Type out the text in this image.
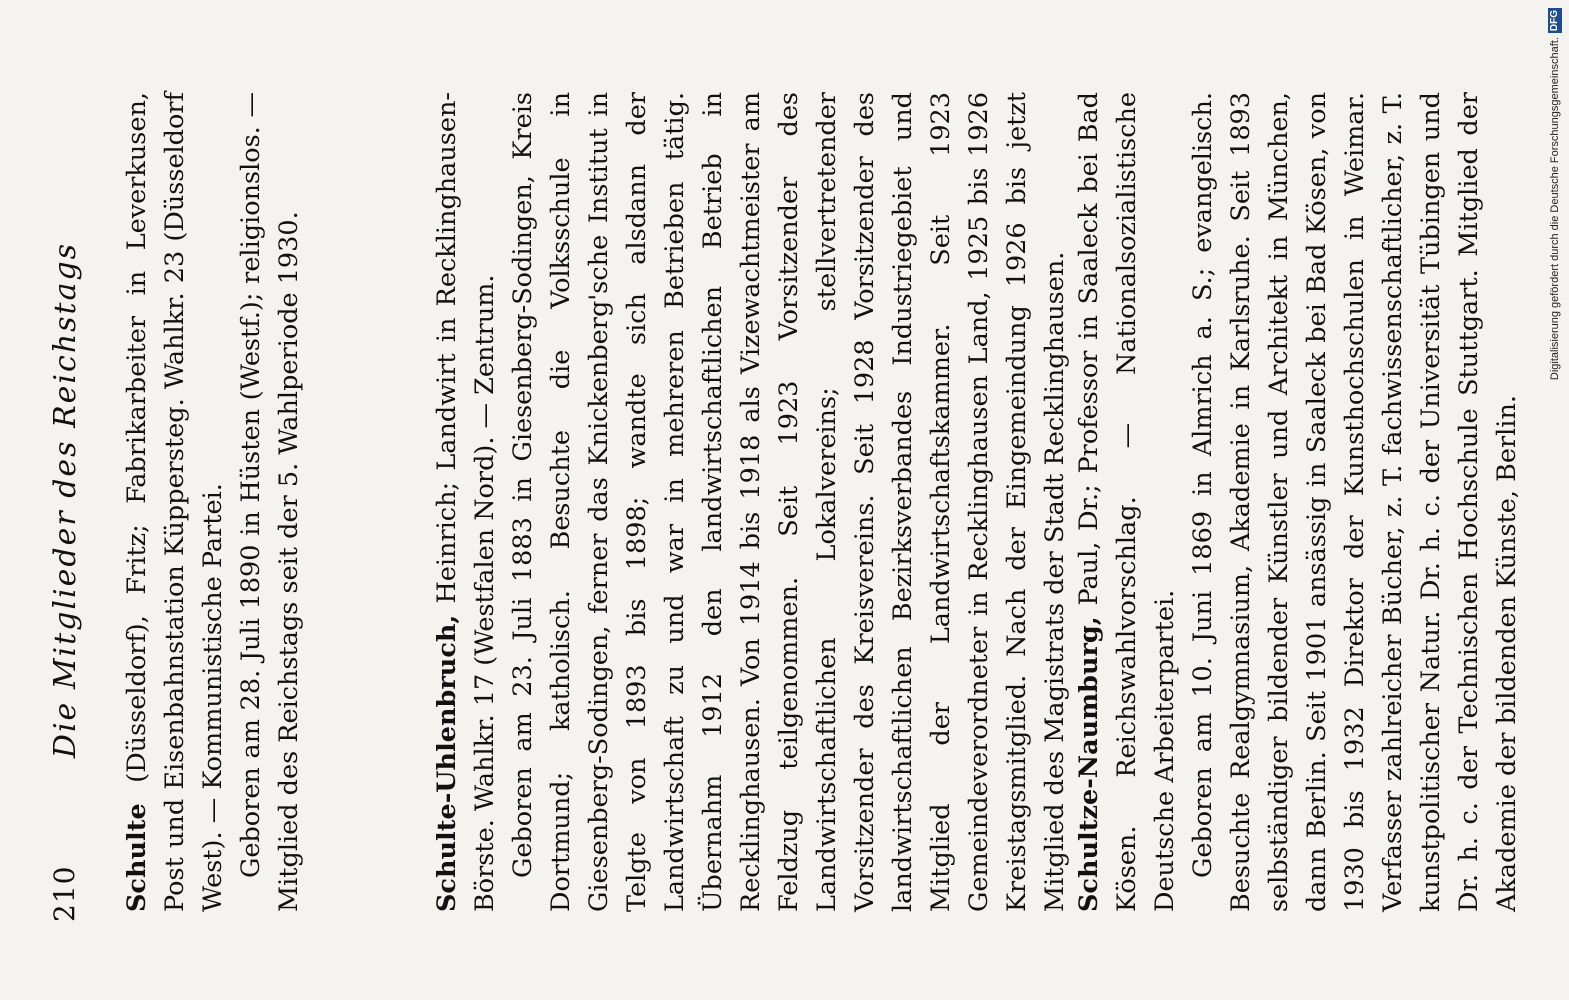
210
Die Mitglieder des Reichstags

Schulte (Düsseldorf), Fritz; Fabrikarbeiter in Leverkusen, Post und Eisenbahnstation Küppersteg. Wahlkr. 23 (Düsseldorf West). — Kommunistische Partei. Geboren am 28. Juli 1890 in Hüsten (Westf.); religionslos. — Mitglied des Reichstags seit der 5. Wahlperiode 1930.	Schulte-Uhlenbruch, Heinrich; Landwirt in Recklinghausen-Börste. Wahlkr. 17 (Westfalen Nord). — Zentrum. Geboren am 23. Juli 1883 in Giesenberg-Sodingen, Kreis Dortmund; katholisch. Besuchte die Volksschule in Giesenberg-Sodingen, ferner das Knickenberg'sche Institut in Telgte von 1893 bis 1898; wandte sich alsdann der Landwirtschaft zu und war in mehreren Betrieben tätig. Übernahm 1912 den landwirtschaftlichen Betrieb in Recklinghausen. Von 1914 bis 1918 als Vizewachtmeister am Feldzug teilgenommen. Seit 1923 Vorsitzender des Landwirtschaftlichen Lokalvereins; stellvertretender Vorsitzender des Kreisvereins. Seit 1928 Vorsitzender des landwirtschaftlichen Bezirksverbandes Industriegebiet und Mitglied der Landwirtschaftskammer. Seit 1923 Gemeindeverordneter in Recklinghausen Land, 1925 bis 1926 Kreistagsmitglied. Nach der Eingemeindung 1926 bis jetzt Mitglied des Magistrats der Stadt Recklinghausen. Schultze-Naumburg, Paul, Dr.; Professor in Saaleck bei Bad Kösen. Reichswahlvorschlag. — Nationalsozialistische Deutsche Arbeiterpartei. Geboren am 10. Juni 1869 in Almrich a. S.; evangelisch. Besuchte Realgymnasium, Akademie in Karlsruhe. Seit 1893 selbständiger bildender Künstler und Architekt in München, dann Berlin. Seit 1901 ansässig in Saaleck bei Bad Kösen, von 1930 bis 1932 Direktor der Kunsthochschulen in Weimar. Verfasser zahlreicher Bücher, z. T. fachwissenschaftlicher, z. T. kunstpolitischer Natur. Dr. h. c. der Universität Tübingen und Dr. h. c. der Technischen Hochschule Stuttgart. Mitglied der Akademie der bildenden Künste, Berlin.

Digitalisierung gefördert durch die Deutsche Forschungsgemeinschaft.DFG
